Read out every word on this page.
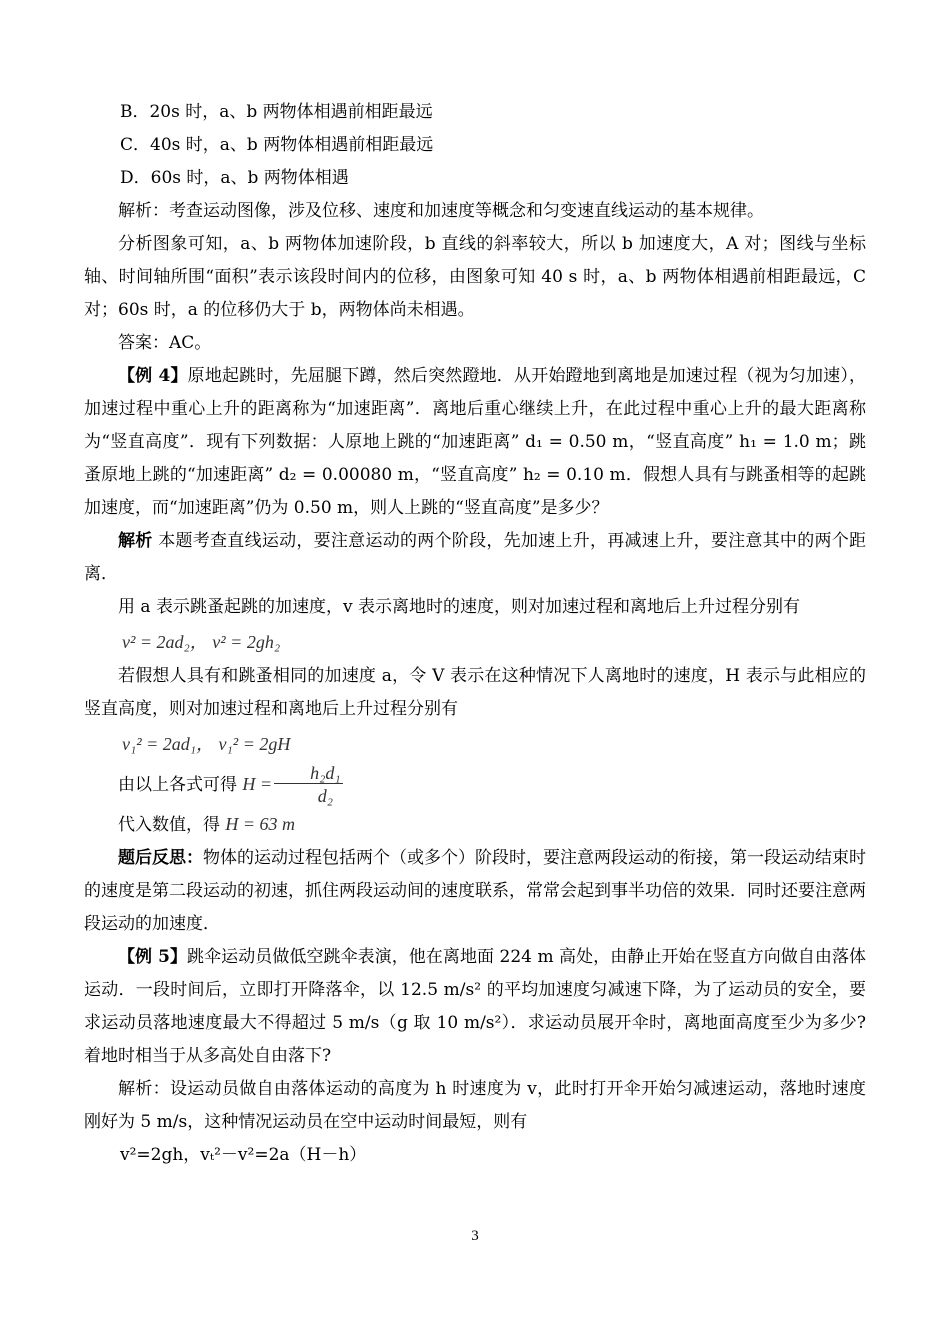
B．20s 时，a、b 两物体相遇前相距最远

C．40s 时，a、b 两物体相遇前相距最远

D．60s 时，a、b 两物体相遇

解析：考查运动图像，涉及位移、速度和加速度等概念和匀变速直线运动的基本规律。

分析图象可知，a、b 两物体加速阶段，b 直线的斜率较大，所以 b 加速度大，A 对；图线与坐标轴、时间轴所围“面积”表示该段时间内的位移，由图象可知 40 s 时，a、b 两物体相遇前相距最远，C 对；60s 时，a 的位移仍大于 b，两物体尚未相遇。

答案：AC。

【例 4】原地起跳时，先屈腿下蹲，然后突然蹬地．从开始蹬地到离地是加速过程（视为匀加速），加速过程中重心上升的距离称为“加速距离”．离地后重心继续上升，在此过程中重心上升的最大距离称为“竖直高度”．现有下列数据：人原地上跳的“加速距离” d₁ = 0.50 m，“竖直高度” h₁ = 1.0 m；跳蚤原地上跳的“加速距离” d₂ = 0.00080 m，“竖直高度” h₂ = 0.10 m．假想人具有与跳蚤相等的起跳加速度，而“加速距离”仍为 0.50 m，则人上跳的“竖直高度”是多少？

解析 本题考查直线运动，要注意运动的两个阶段，先加速上升，再减速上升，要注意其中的两个距离．

用 a 表示跳蚤起跳的加速度，v 表示离地时的速度，则对加速过程和离地后上升过程分别有

v² = 2ad₂， v² = 2gh₂

若假想人具有和跳蚤相同的加速度 a，令 V 表示在这种情况下人离地时的速度，H 表示与此相应的竖直高度，则对加速过程和离地后上升过程分别有

v₁² = 2ad₁， v₁² = 2gH

由以上各式可得 $H = \frac{\text{h₂d₁}}{\text{d₂}}$

代入数值，得 H = 63 m

题后反思：物体的运动过程包括两个（或多个）阶段时，要注意两段运动的衔接，第一段运动结束时的速度是第二段运动的初速，抓住两段运动间的速度联系，常常会起到事半功倍的效果．同时还要注意两段运动的加速度．

【例 5】跳伞运动员做低空跳伞表演，他在离地面 224 m 高处，由静止开始在竖直方向做自由落体运动．一段时间后，立即打开降落伞，以 12.5 m/s² 的平均加速度匀减速下降，为了运动员的安全，要求运动员落地速度最大不得超过 5 m/s（g 取 10 m/s²）．求运动员展开伞时，离地面高度至少为多少?着地时相当于从多高处自由落下?

解析：设运动员做自由落体运动的高度为 h 时速度为 v，此时打开伞开始匀减速运动，落地时速度刚好为 5 m/s，这种情况运动员在空中运动时间最短，则有

v²=2gh，vₜ²－v²=2a（H－h）

3
